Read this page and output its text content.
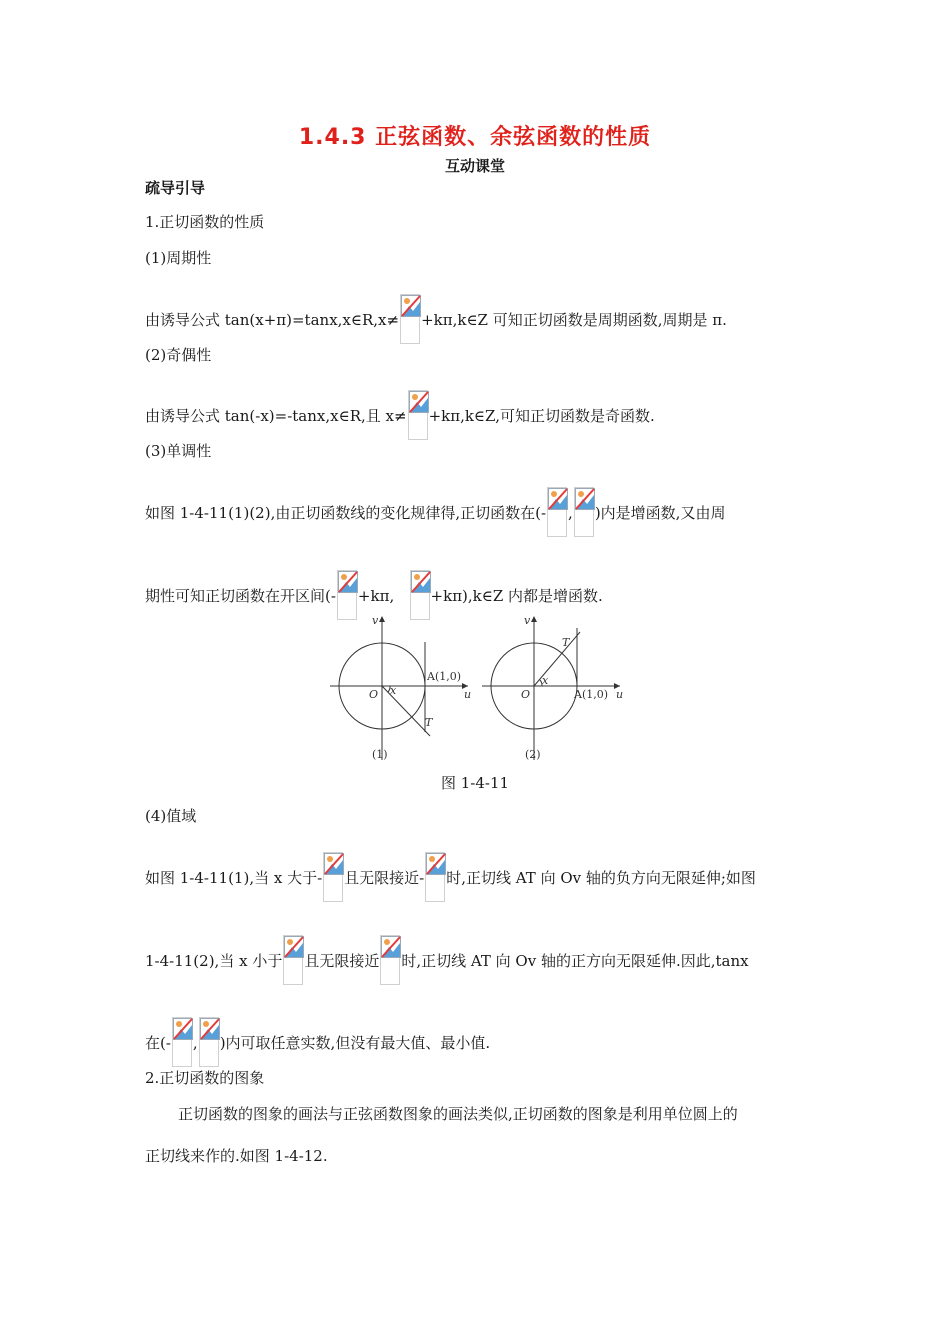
1.4.3 正弦函数、余弦函数的性质
互动课堂
疏导引导
1.正切函数的性质
(1)周期性
由诱导公式 tan(x+π)=tanx,x∈R,x≠ +kπ,k∈Z 可知正切函数是周期函数,周期是 π.
(2)奇偶性
由诱导公式 tan(-x)=-tanx,x∈R,且 x≠ +kπ,k∈Z,可知正切函数是奇函数.
(3)单调性
如图 1-4-11(1)(2),由正切函数线的变化规律得,正切函数在(- , )内是增函数,又由周
期性可知正切函数在开区间(- +kπ, +kπ),k∈Z 内都是增函数.
v
u
O x
A(1,0)
T
v
u
O
x
A(1,0)
T
(1)	(2)
图 1-4-11
(4)值域
如图 1-4-11(1),当 x 大于- 且无限接近- 时,正切线 AT 向 Ov 轴的负方向无限延伸;如图
1-4-11(2),当 x 小于 且无限接近 时,正切线 AT 向 Ov 轴的正方向无限延伸.因此,tanx
在(- , )内可取任意实数,但没有最大值、最小值.
2.正切函数的图象
正切函数的图象的画法与正弦函数图象的画法类似,正切函数的图象是利用单位圆上的
正切线来作的.如图 1-4-12.
